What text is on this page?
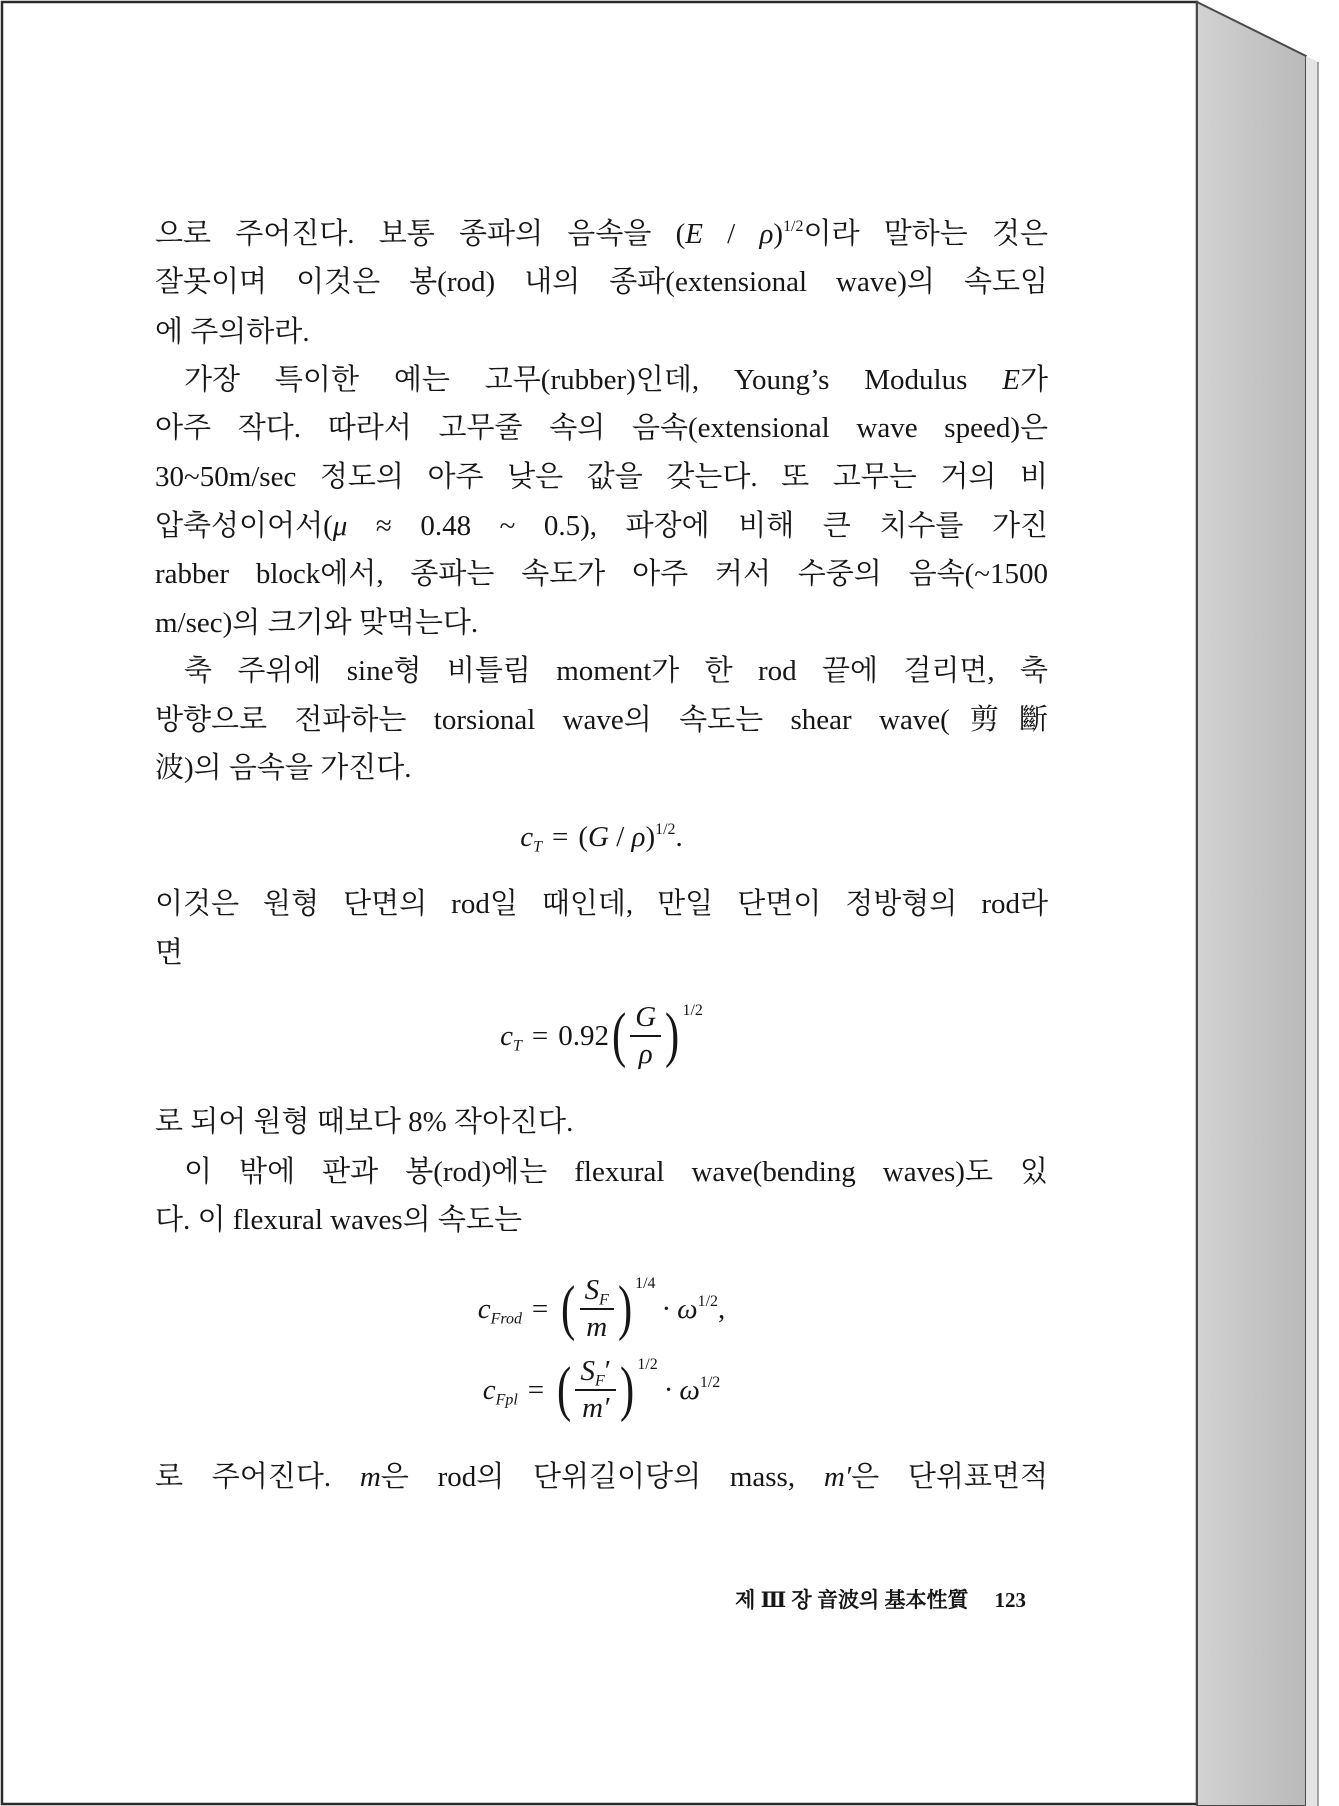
으로 주어진다. 보통 종파의 음속을 (E / ρ)$^{1/2}$이라 말하는 것은
잘못이며 이것은 봉(rod) 내의 종파(extensional wave)의 속도임
에 주의하라.
가장 특이한 예는 고무(rubber)인데, Young’s Modulus E가
아주 작다. 따라서 고무줄 속의 음속(extensional wave speed)은
30~50m/sec 정도의 아주 낮은 값을 갖는다. 또 고무는 거의 비
압축성이어서(μ ≈ 0.48 ~ 0.5), 파장에 비해 큰 치수를 가진
rabber block에서, 종파는 속도가 아주 커서 수중의 음속(~1500
m/sec)의 크기와 맞먹는다.
축 주위에 sine형 비틀림 moment가 한 rod 끝에 걸리면, 축
방향으로 전파하는 torsional wave의 속도는 shear wave(剪斷
波)의 음속을 가진다.
$c_T = (G / \rho)^{1/2}$.
이것은 원형 단면의 rod일 때인데, 만일 단면이 정방형의 rod라
면
$c_T = 0.92$ ( $\frac{G}{\rho}$ ) 1/2
로 되어 원형 때보다 8% 작아진다.
이 밖에 판과 봉(rod)에는 flexural wave(bending waves)도 있
다. 이 flexural waves의 속도는
$c_{Frod}$ = ( $\frac{S_F}{m}$ ) 1/4
· $\omega^{1/2}$,
$c_{Fpl}$ = ( $\frac{S_F'}{m'}$ ) 1/2
· $\omega^{1/2}$
로 주어진다. m은 rod의 단위길이당의 mass, m′은 단위표면적
제 Ⅲ 장 音波의 基本性質 123
